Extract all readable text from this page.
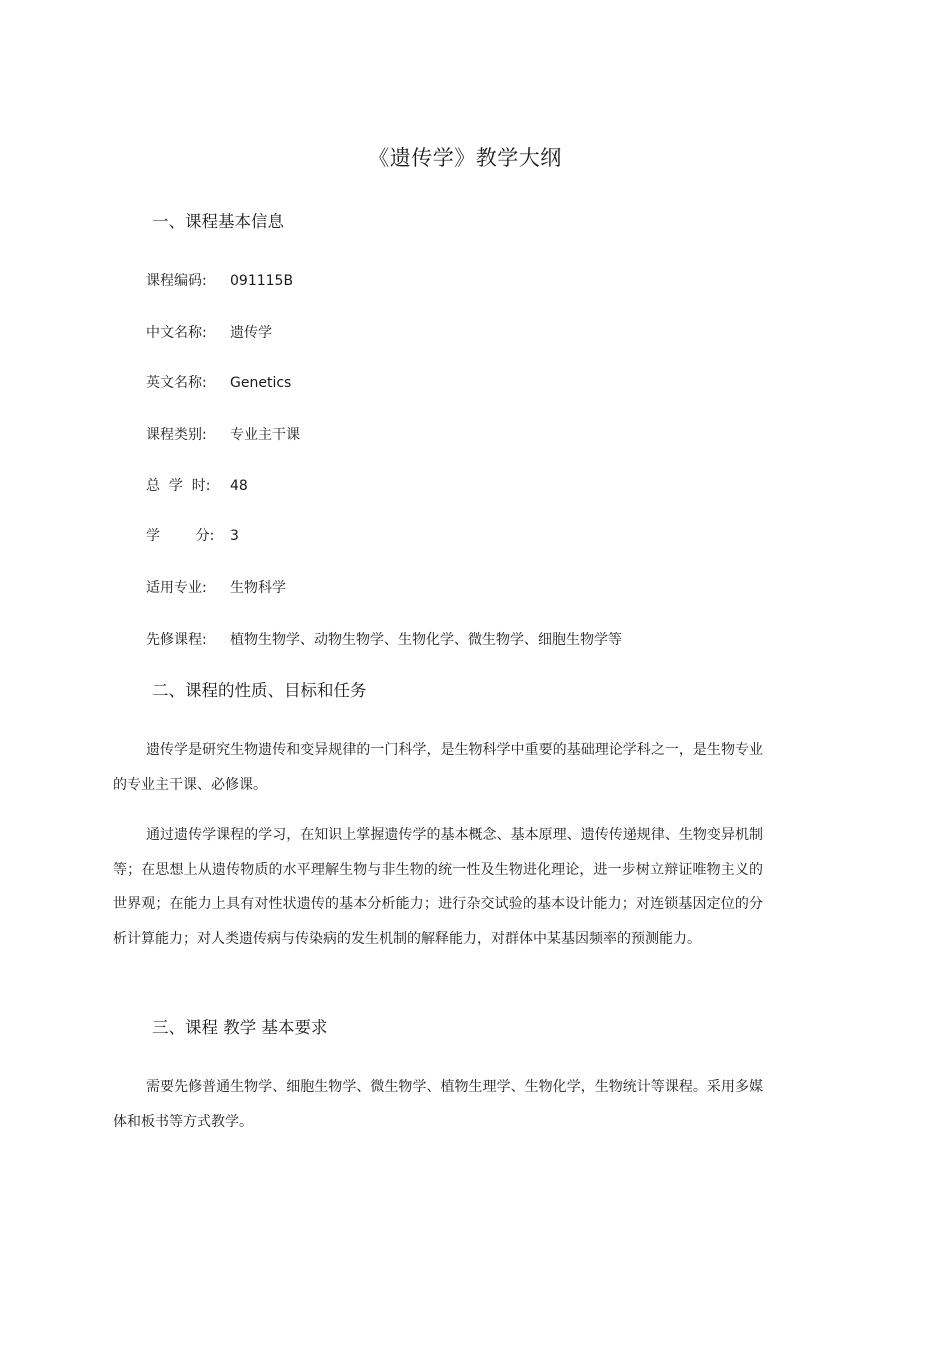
《遗传学》教学大纲
一、课程基本信息
课程编码: 091115B
中文名称: 遗传学
英文名称: Genetics
课程类别: 专业主干课
总  学  时: 48
学        分: 3
适用专业: 生物科学
先修课程: 植物生物学、动物生物学、生物化学、微生物学、细胞生物学等
二、课程的性质、目标和任务

遗传学是研究生物遗传和变异规律的一门科学，是生物科学中重要的基础理论学科之一，是生物专业的专业主干课、必修课。

通过遗传学课程的学习，在知识上掌握遗传学的基本概念、基本原理、遗传传递规律、生物变异机制等；在思想上从遗传物质的水平理解生物与非生物的统一性及生物进化理论，进一步树立辩证唯物主义的世界观；在能力上具有对性状遗传的基本分析能力；进行杂交试验的基本设计能力；对连锁基因定位的分析计算能力；对人类遗传病与传染病的发生机制的解释能力，对群体中某基因频率的预测能力。

三、课程 教学 基本要求

需要先修普通生物学、细胞生物学、微生物学、植物生理学、生物化学，生物统计等课程。采用多媒体和板书等方式教学。
